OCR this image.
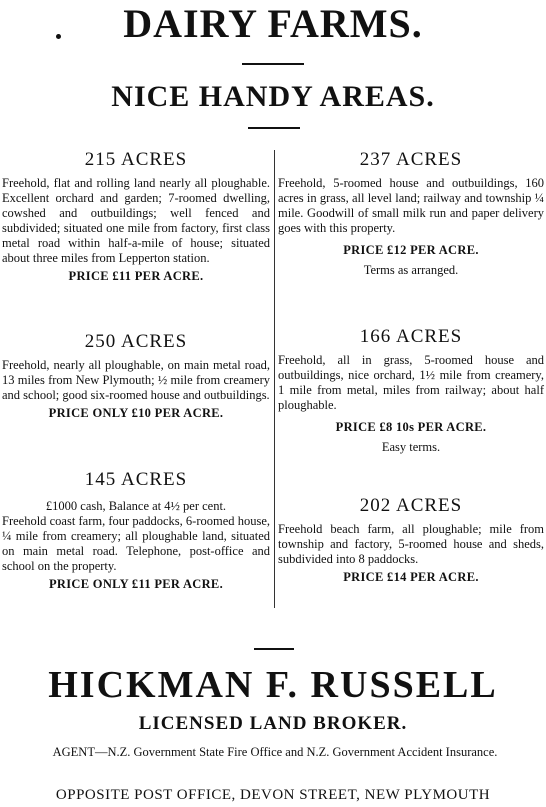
DAIRY FARMS.
NICE HANDY AREAS.
215 ACRES
Freehold, flat and rolling land nearly all ploughable. Excellent orchard and garden; 7-roomed dwelling, cowshed and outbuildings; well fenced and subdivided; situated one mile from factory, first class metal road within half-a-mile of house; situated about three miles from Lepperton station.
PRICE £11 PER ACRE.
250 ACRES
Freehold, nearly all ploughable, on main metal road, 13 miles from New Plymouth; ½ mile from creamery and school; good six-roomed house and outbuildings.
PRICE ONLY £10 PER ACRE.
145 ACRES
£1000 cash, Balance at 4½ per cent.
Freehold coast farm, four paddocks, 6-roomed house, ¼ mile from creamery; all ploughable land, situated on main metal road. Telephone, post-office and school on the property.
PRICE ONLY £11 PER ACRE.
237 ACRES
Freehold, 5-roomed house and outbuildings, 160 acres in grass, all level land; railway and township ¼ mile. Goodwill of small milk run and paper delivery goes with this property.
PRICE £12 PER ACRE.
Terms as arranged.
166 ACRES
Freehold, all in grass, 5-roomed house and outbuildings, nice orchard, 1½ mile from creamery, 1 mile from metal, miles from railway; about half ploughable.
PRICE £8 10s PER ACRE.
Easy terms.
202 ACRES
Freehold beach farm, all ploughable; mile from township and factory, 5-roomed house and sheds, subdivided into 8 paddocks.
PRICE £14 PER ACRE.
HICKMAN F. RUSSELL
LICENSED LAND BROKER.
AGENT—N.Z. Government State Fire Office and N.Z. Government Accident Insurance.
OPPOSITE POST OFFICE, DEVON STREET, NEW PLYMOUTH
